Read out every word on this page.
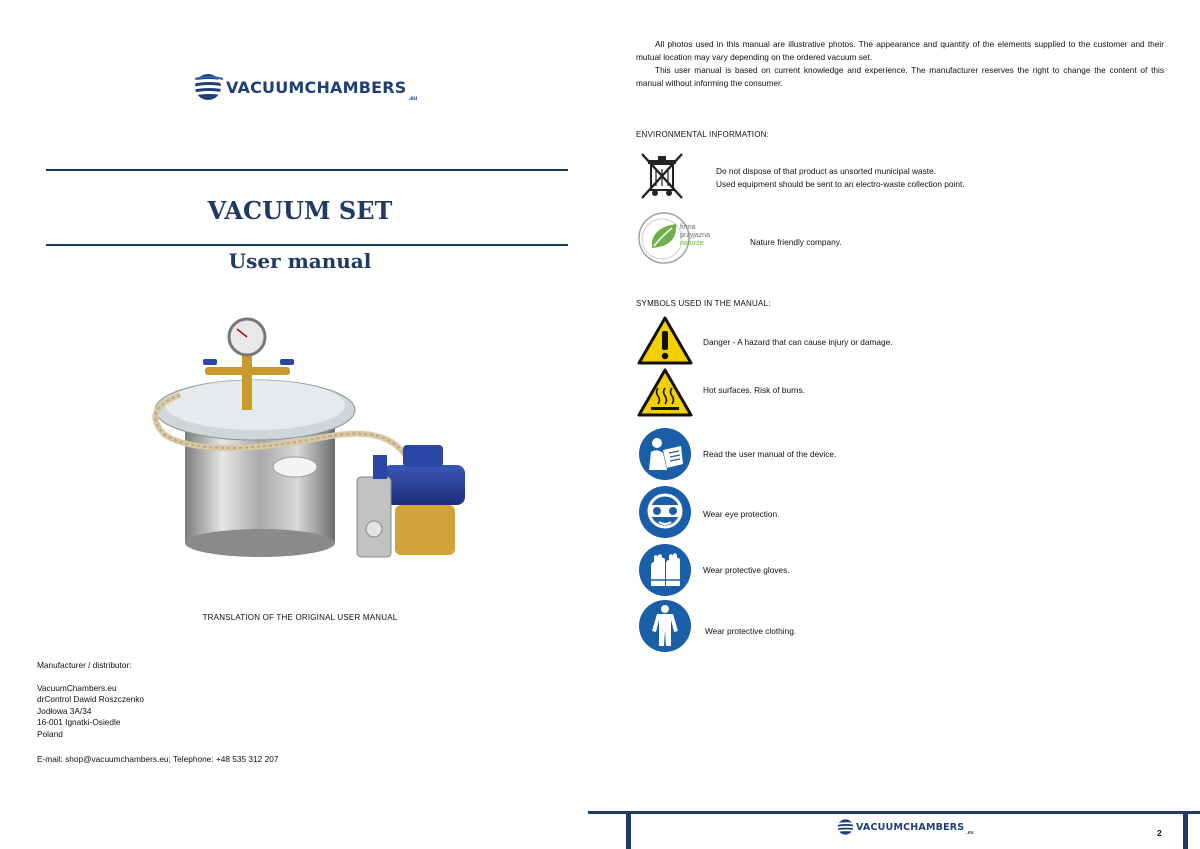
VACUUMCHAMBERS
.eu
VACUUM SET
User manual
TRANSLATION OF THE ORIGINAL USER MANUAL
Manufacturer / distributor:
VacuumChambers.eu
drControl Dawid Roszczenko
Jodłowa 3A/34
16-001 Ignatki-Osiedle
Poland
E-mail: shop@vacuumchambers.eu; Telephone: +48 535 312 207

All photos used in this manual are illustrative photos. The appearance and quantity of the elements supplied to the customer and their mutual location may vary depending on the ordered vacuum set.

This user manual is based on current knowledge and experience. The manufacturer reserves the right to change the content of this manual without informing the consumer.

ENVIRONMENTAL INFORMATION:
Do not dispose of that product as unsorted municipal waste.
Used equipment should be sent to an electro-waste collection point.
firma
przyjazna
naturze	Nature friendly company.
SYMBOLS USED IN THE MANUAL:
Danger - A hazard that can cause injury or damage.
Hot surfaces. Risk of burns.
Read the user manual of the device.
Wear eye protection.
Wear protective gloves.
Wear protective clothing.
VACUUMCHAMBERS
.eu	2
